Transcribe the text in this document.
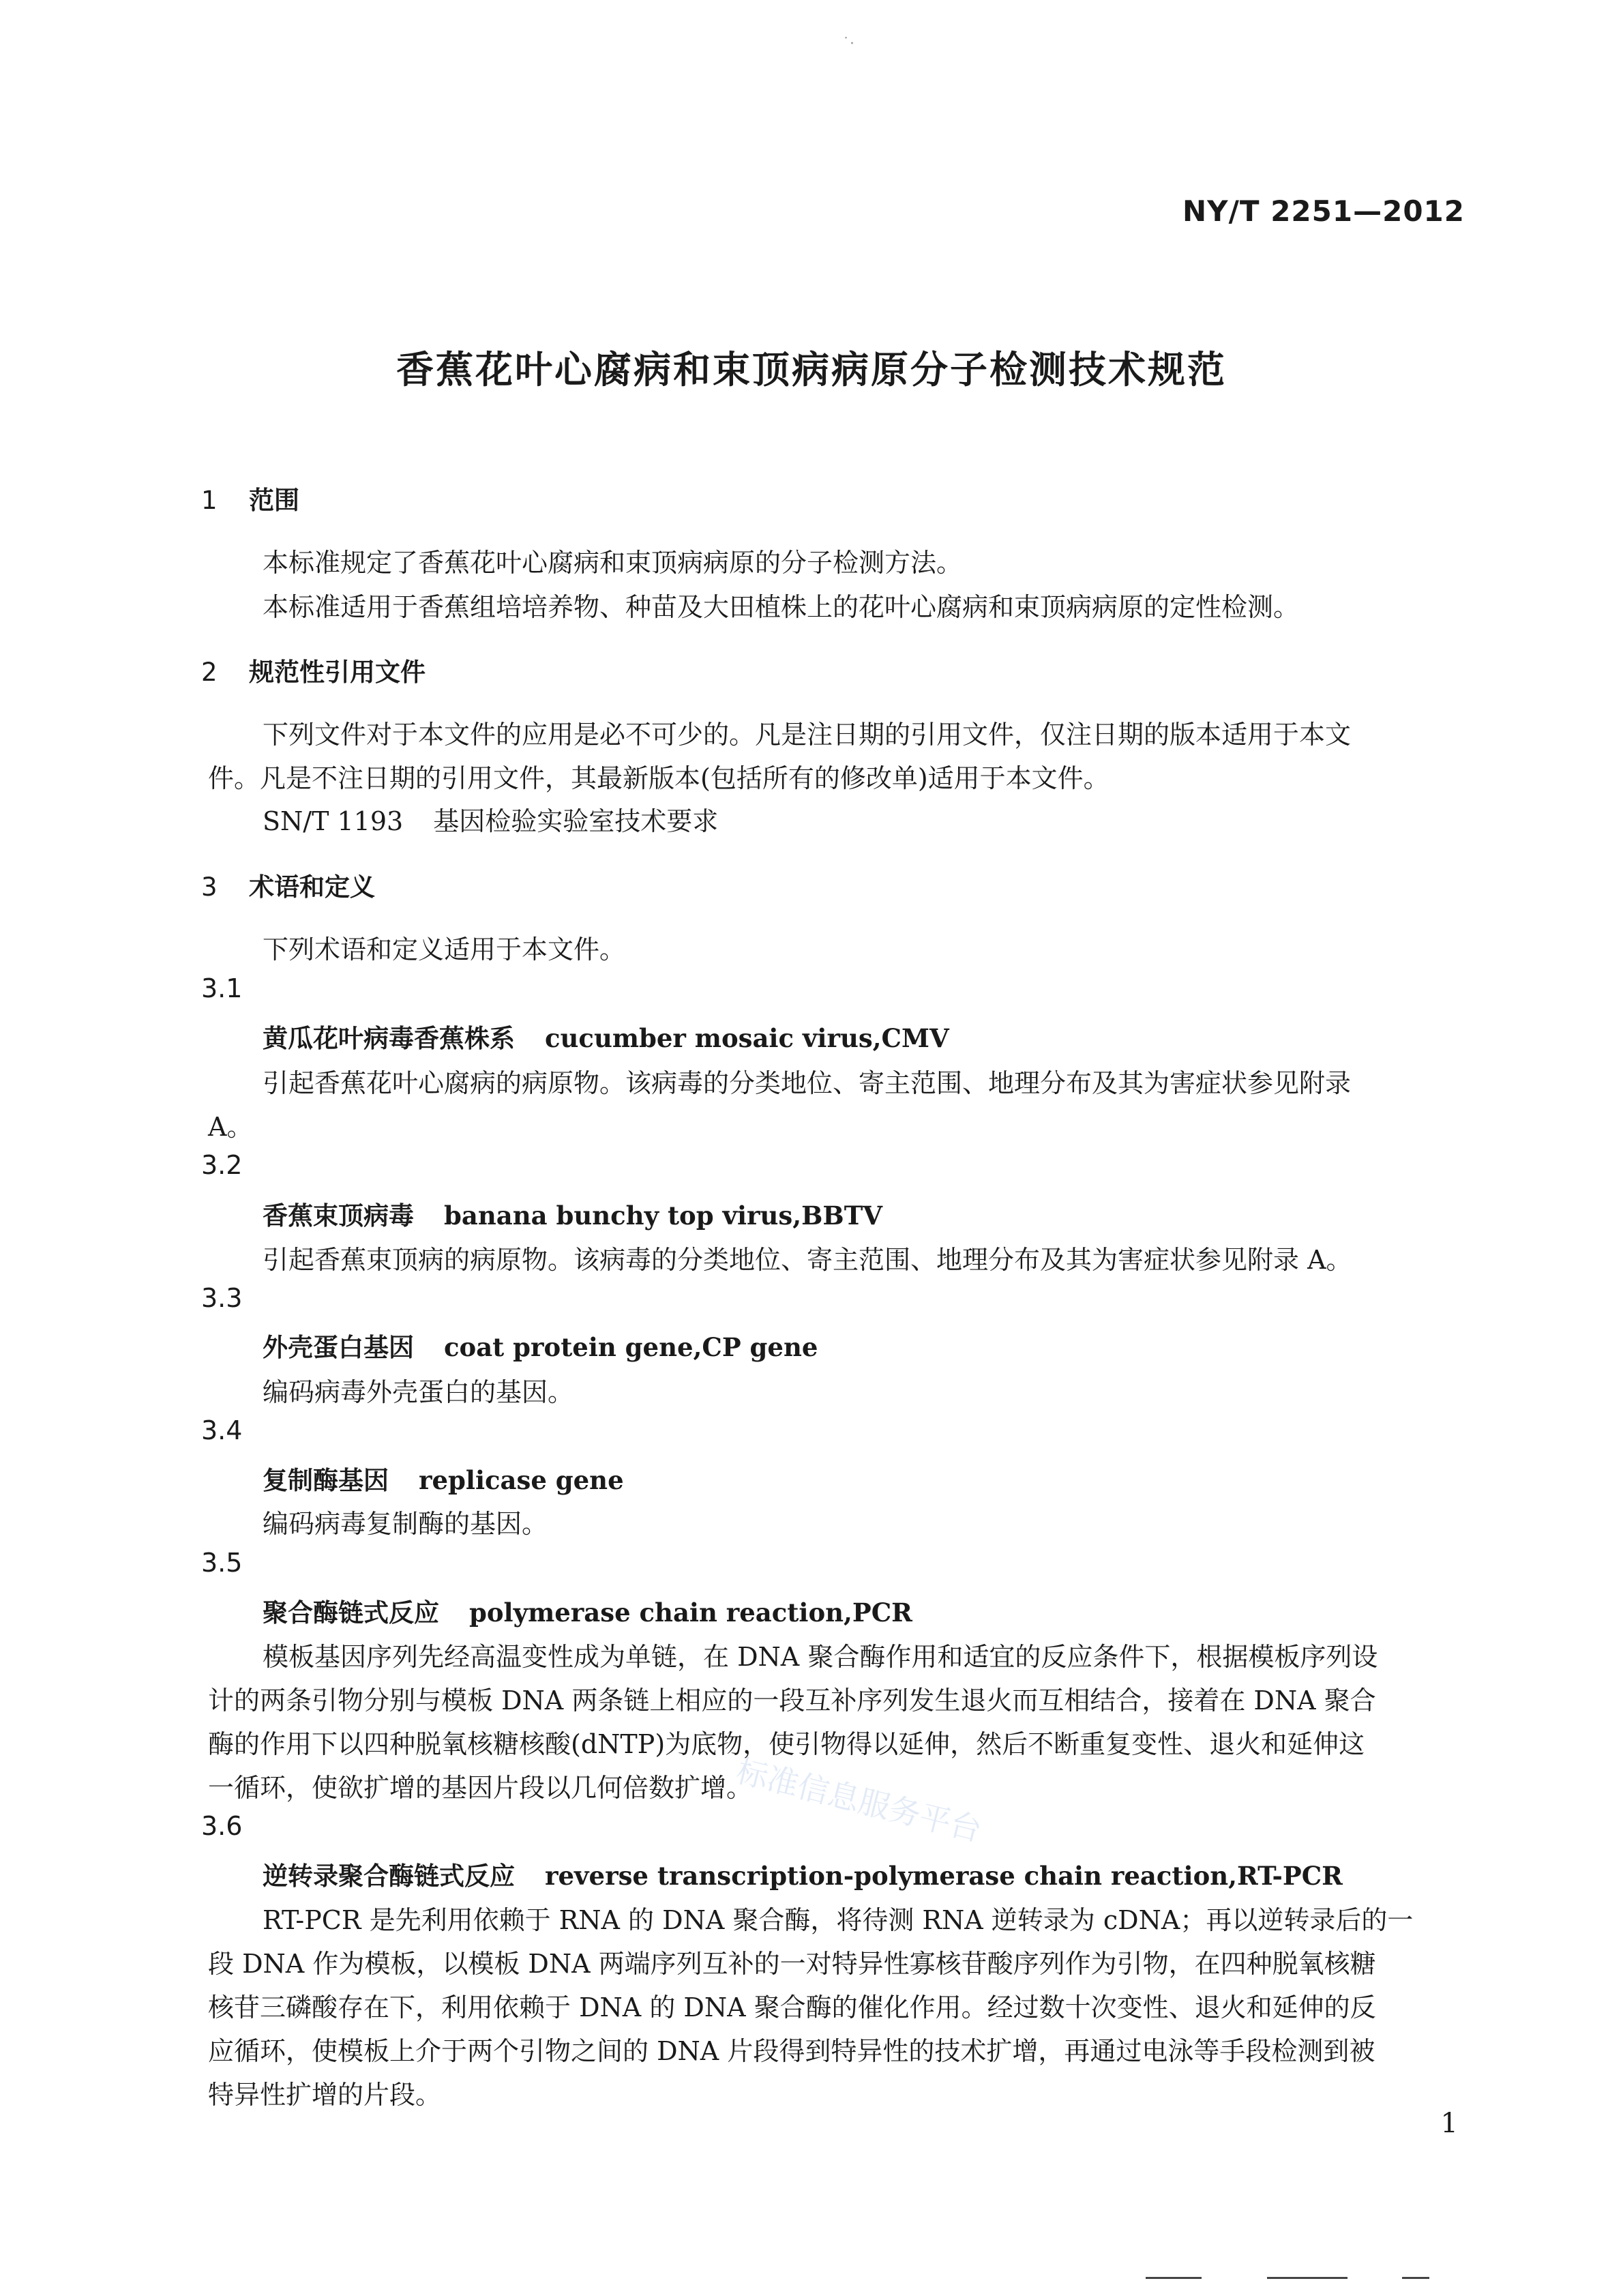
˙·
NY/T 2251—2012
香蕉花叶心腐病和束顶病病原分子检测技术规范
1 范围
本标准规定了香蕉花叶心腐病和束顶病病原的分子检测方法。
本标准适用于香蕉组培培养物、种苗及大田植株上的花叶心腐病和束顶病病原的定性检测。
2 规范性引用文件
下列文件对于本文件的应用是必不可少的。凡是注日期的引用文件，仅注日期的版本适用于本文
件。凡是不注日期的引用文件，其最新版本(包括所有的修改单)适用于本文件。
SN/T 1193 基因检验实验室技术要求
3 术语和定义
下列术语和定义适用于本文件。
3.1
黄瓜花叶病毒香蕉株系 cucumber mosaic virus,CMV
引起香蕉花叶心腐病的病原物。该病毒的分类地位、寄主范围、地理分布及其为害症状参见附录
A。
3.2
香蕉束顶病毒 banana bunchy top virus,BBTV
引起香蕉束顶病的病原物。该病毒的分类地位、寄主范围、地理分布及其为害症状参见附录 A。
3.3
外壳蛋白基因 coat protein gene,CP gene
编码病毒外壳蛋白的基因。
3.4
复制酶基因 replicase gene
编码病毒复制酶的基因。
3.5
聚合酶链式反应 polymerase chain reaction,PCR
模板基因序列先经高温变性成为单链，在 DNA 聚合酶作用和适宜的反应条件下，根据模板序列设
计的两条引物分别与模板 DNA 两条链上相应的一段互补序列发生退火而互相结合，接着在 DNA 聚合
酶的作用下以四种脱氧核糖核酸(dNTP)为底物，使引物得以延伸，然后不断重复变性、退火和延伸这
一循环，使欲扩增的基因片段以几何倍数扩增。
3.6
逆转录聚合酶链式反应 reverse transcription-polymerase chain reaction,RT-PCR
RT-PCR 是先利用依赖于 RNA 的 DNA 聚合酶，将待测 RNA 逆转录为 cDNA；再以逆转录后的一
段 DNA 作为模板，以模板 DNA 两端序列互补的一对特异性寡核苷酸序列作为引物，在四种脱氧核糖
核苷三磷酸存在下，利用依赖于 DNA 的 DNA 聚合酶的催化作用。经过数十次变性、退火和延伸的反
应循环，使模板上介于两个引物之间的 DNA 片段得到特异性的技术扩增，再通过电泳等手段检测到被
特异性扩增的片段。
1
标准信息服务平台
